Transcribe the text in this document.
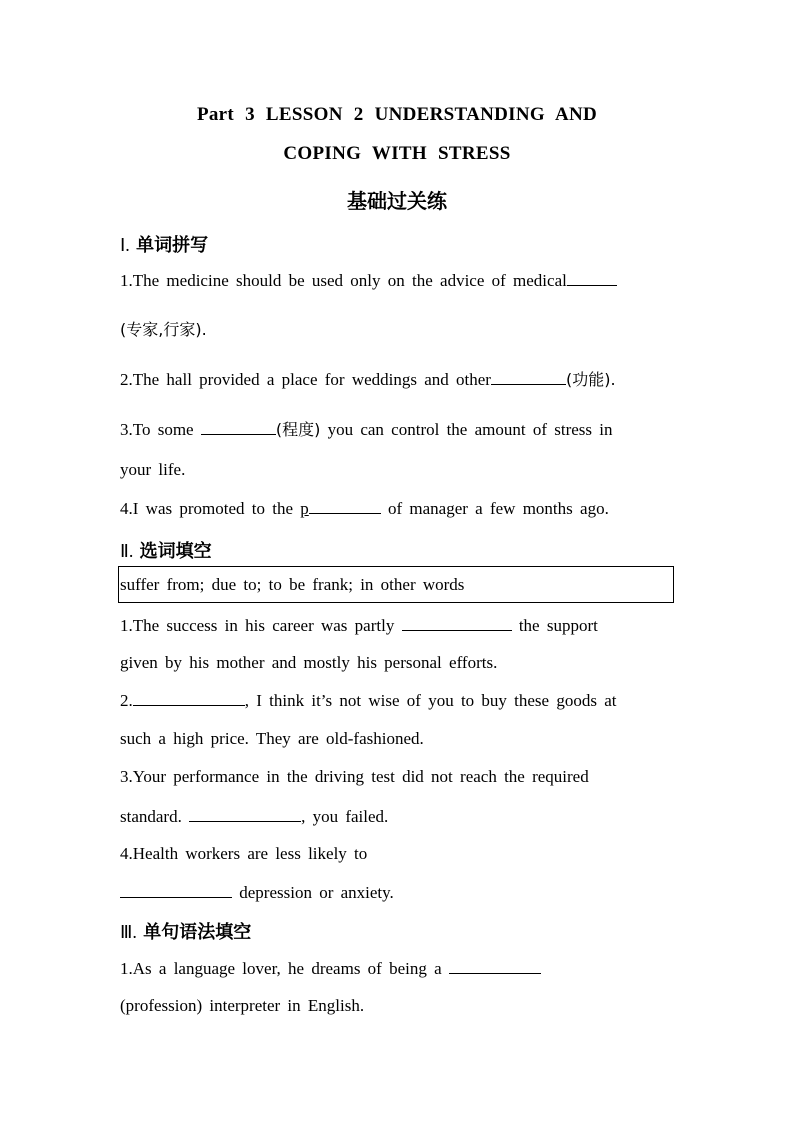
Part 3 LESSON 2 UNDERSTANDING AND
COPING WITH STRESS
基础过关练
Ⅰ. 单词拼写
1.The medicine should be used only on the advice of medical
(专家,行家).
2.The hall provided a place for weddings and other	(功能).
3.To some	(程度) you can control the amount of stress in
your life.
4.I was promoted to the p	of manager a few months ago.
Ⅱ. 选词填空
suffer from; due to; to be frank; in other words
1.The success in his career was partly	the support
given by his mother and mostly his personal efforts.
2.	, I think it’s not wise of you to buy these goods at
such a high price. They are old-fashioned.
3.Your performance in the driving test did not reach the required
standard.	, you failed.
4.Health workers are less likely to
depression or anxiety.
Ⅲ. 单句语法填空
1.As a language lover, he dreams of being a
(profession) interpreter in English.
